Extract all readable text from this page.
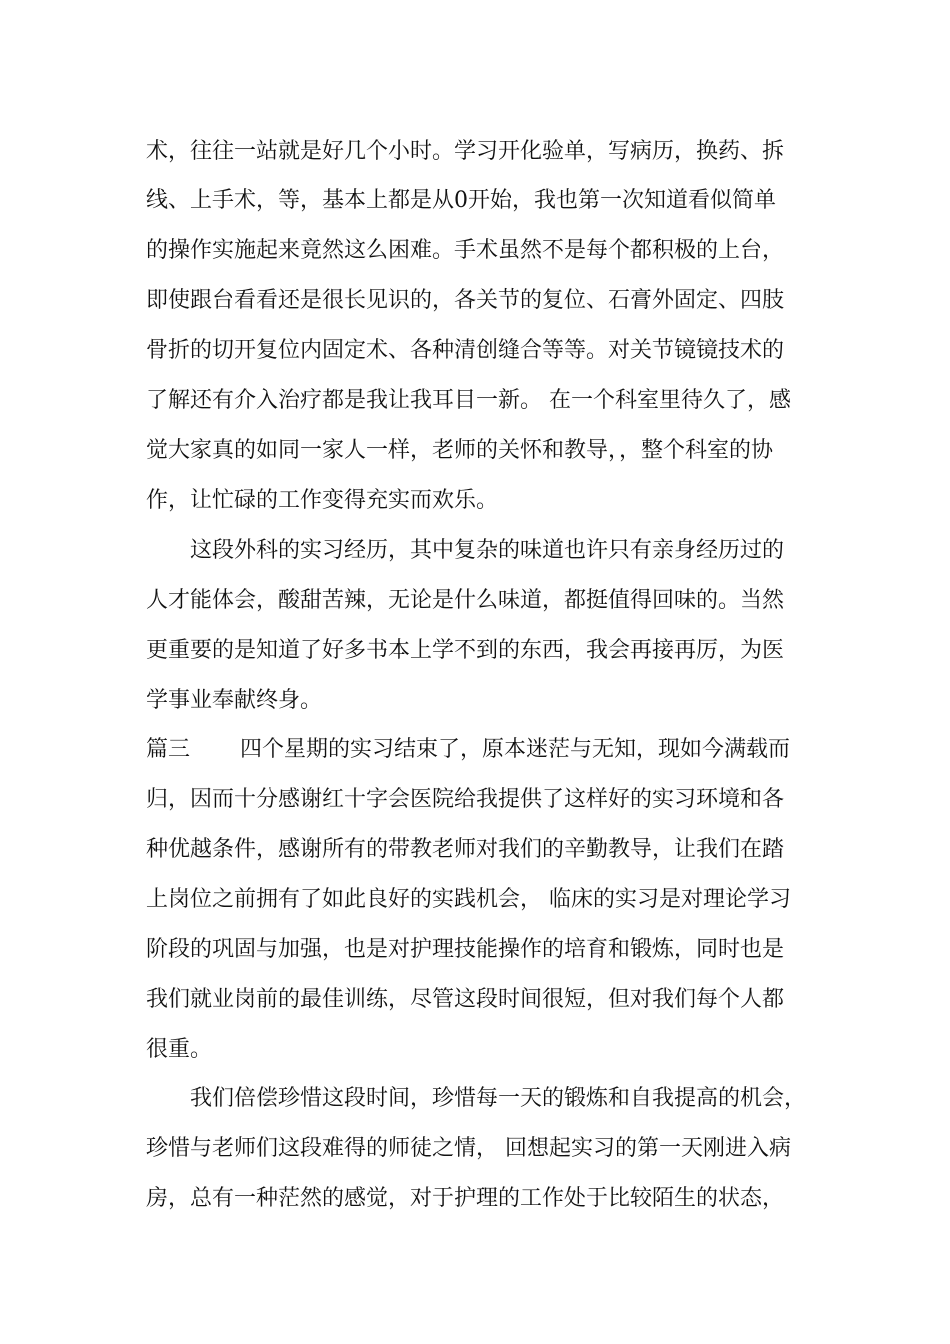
术，往往一站就是好几个小时。学习开化验单，写病历，换药、拆
线、上手术，等，基本上都是从0开始，我也第一次知道看似简单
的操作实施起来竟然这么困难。手术虽然不是每个都积极的上台，
即使跟台看看还是很长见识的，各关节的复位、石膏外固定、四肢
骨折的切开复位内固定术、各种清创缝合等等。对关节镜镜技术的
了解还有介入治疗都是我让我耳目一新。 在一个科室里待久了，感
觉大家真的如同一家人一样，老师的关怀和教导，，整个科室的协
作，让忙碌的工作变得充实而欢乐。
这段外科的实习经历，其中复杂的味道也许只有亲身经历过的
人才能体会，酸甜苦辣，无论是什么味道，都挺值得回味的。当然
更重要的是知道了好多书本上学不到的东西，我会再接再厉，为医
学事业奉献终身。
篇三	四个星期的实习结束了，原本迷茫与无知，现如今满载而
归，因而十分感谢红十字会医院给我提供了这样好的实习环境和各
种优越条件，感谢所有的带教老师对我们的辛勤教导，让我们在踏
上岗位之前拥有了如此良好的实践机会， 临床的实习是对理论学习
阶段的巩固与加强，也是对护理技能操作的培育和锻炼，同时也是
我们就业岗前的最佳训练，尽管这段时间很短，但对我们每个人都
很重。
我们倍偿珍惜这段时间，珍惜每一天的锻炼和自我提高的机会，
珍惜与老师们这段难得的师徒之情， 回想起实习的第一天刚进入病
房，总有一种茫然的感觉，对于护理的工作处于比较陌生的状态，
